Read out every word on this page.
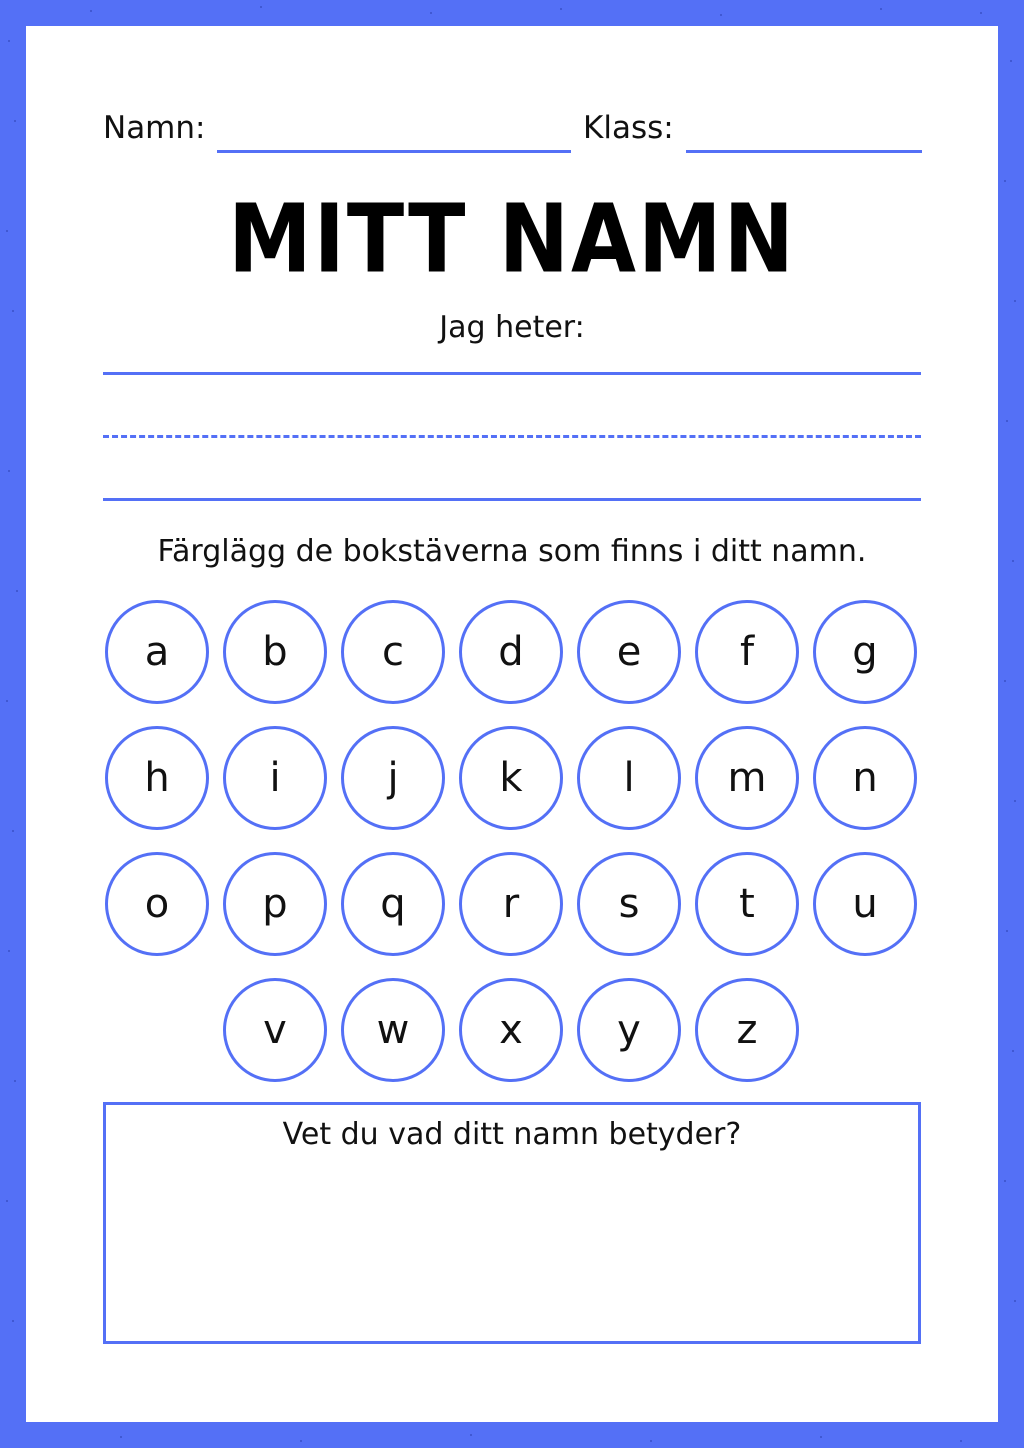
Namn:	Klass:
MITT NAMN
Jag heter:
Färglägg de bokstäverna som finns i ditt namn.
a	b	c	d	e	f	g
h	i	j	k	l	m	n
o	p	q	r	s	t	u
v	w	x	y	z
Vet du vad ditt namn betyder?
